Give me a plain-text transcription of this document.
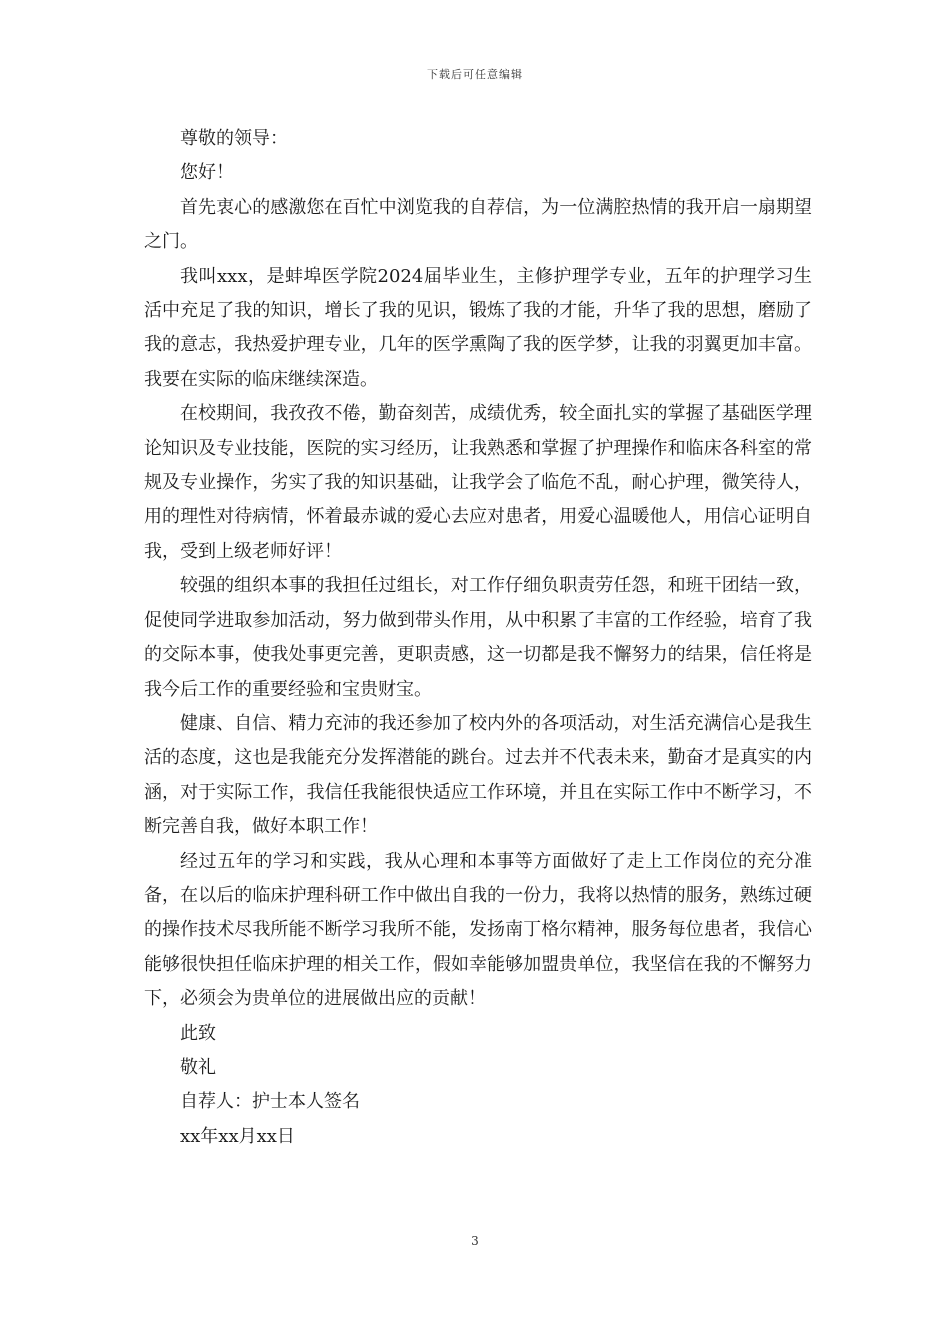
下载后可任意编辑

尊敬的领导：

您好！

首先衷心的感激您在百忙中浏览我的自荐信，为一位满腔热情的我开启一扇期望之门。

我叫xxx，是蚌埠医学院2024届毕业生，主修护理学专业，五年的护理学习生活中充足了我的知识，增长了我的见识，锻炼了我的才能，升华了我的思想，磨励了我的意志，我热爱护理专业，几年的医学熏陶了我的医学梦，让我的羽翼更加丰富。我要在实际的临床继续深造。

在校期间，我孜孜不倦，勤奋刻苦，成绩优秀，较全面扎实的掌握了基础医学理论知识及专业技能，医院的实习经历，让我熟悉和掌握了护理操作和临床各科室的常规及专业操作，劣实了我的知识基础，让我学会了临危不乱，耐心护理，微笑待人，用的理性对待病情，怀着最赤诚的爱心去应对患者，用爱心温暖他人，用信心证明自我，受到上级老师好评！

较强的组织本事的我担任过组长，对工作仔细负职责劳任怨，和班干团结一致，促使同学进取参加活动，努力做到带头作用，从中积累了丰富的工作经验，培育了我的交际本事，使我处事更完善，更职责感，这一切都是我不懈努力的结果，信任将是我今后工作的重要经验和宝贵财宝。

健康、自信、精力充沛的我还参加了校内外的各项活动，对生活充满信心是我生活的态度，这也是我能充分发挥潜能的跳台。过去并不代表未来，勤奋才是真实的内涵，对于实际工作，我信任我能很快适应工作环境，并且在实际工作中不断学习，不断完善自我，做好本职工作！

经过五年的学习和实践，我从心理和本事等方面做好了走上工作岗位的充分准备，在以后的临床护理科研工作中做出自我的一份力，我将以热情的服务，熟练过硬的操作技术尽我所能不断学习我所不能，发扬南丁格尔精神，服务每位患者，我信心能够很快担任临床护理的相关工作，假如幸能够加盟贵单位，我坚信在我的不懈努力下，必须会为贵单位的进展做出应的贡献！

此致

敬礼

自荐人：护士本人签名

xx年xx月xx日

3
